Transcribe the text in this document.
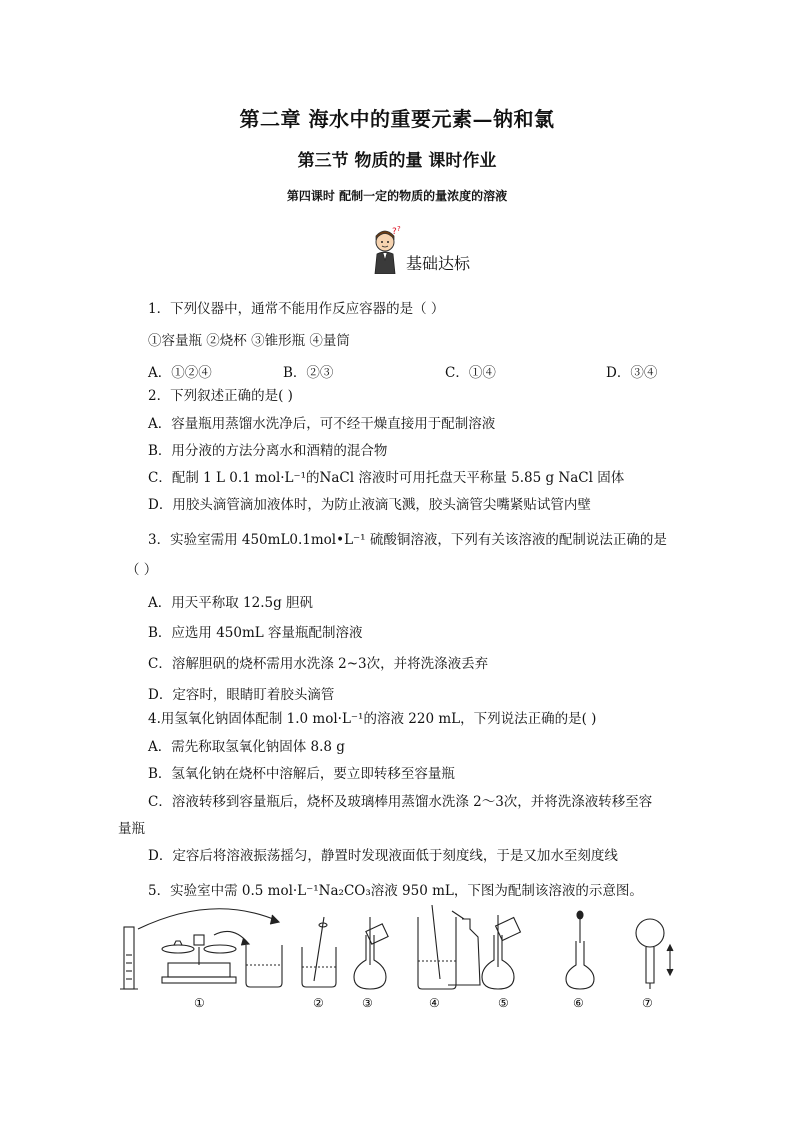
第二章 海水中的重要元素—钠和氯
第三节 物质的量 课时作业
第四课时 配制一定的物质的量浓度的溶液
? ?
基础达标
1．下列仪器中，通常不能用作反应容器的是（ ）
①容量瓶 ②烧杯 ③锥形瓶 ④量筒
A．①②④	B．②③	C．①④	D．③④
2．下列叙述正确的是( )
A．容量瓶用蒸馏水洗净后，可不经干燥直接用于配制溶液
B．用分液的方法分离水和酒精的混合物
C．配制 1 L 0.1 mol·L⁻¹的NaCl 溶液时可用托盘天平称量 5.85 g NaCl 固体
D．用胶头滴管滴加液体时，为防止液滴飞溅，胶头滴管尖嘴紧贴试管内壁
3．实验室需用 450mL0.1mol•L⁻¹ 硫酸铜溶液，下列有关该溶液的配制说法正确的是
（ ）
A．用天平称取 12.5g 胆矾
B．应选用 450mL 容量瓶配制溶液
C．溶解胆矾的烧杯需用水洗涤 2~3次，并将洗涤液丢弃
D．定容时，眼睛盯着胶头滴管
4.用氢氧化钠固体配制 1.0 mol·L⁻¹的溶液 220 mL，下列说法正确的是( )
A．需先称取氢氧化钠固体 8.8 g
B．氢氧化钠在烧杯中溶解后，要立即转移至容量瓶
C．溶液转移到容量瓶后，烧杯及玻璃棒用蒸馏水洗涤 2～3次，并将洗涤液转移至容
量瓶
D．定容后将溶液振荡摇匀，静置时发现液面低于刻度线，于是又加水至刻度线
5．实验室中需 0.5 mol·L⁻¹Na₂CO₃溶液 950 mL，下图为配制该溶液的示意图。
①	②	③	④	⑤	⑥	⑦
